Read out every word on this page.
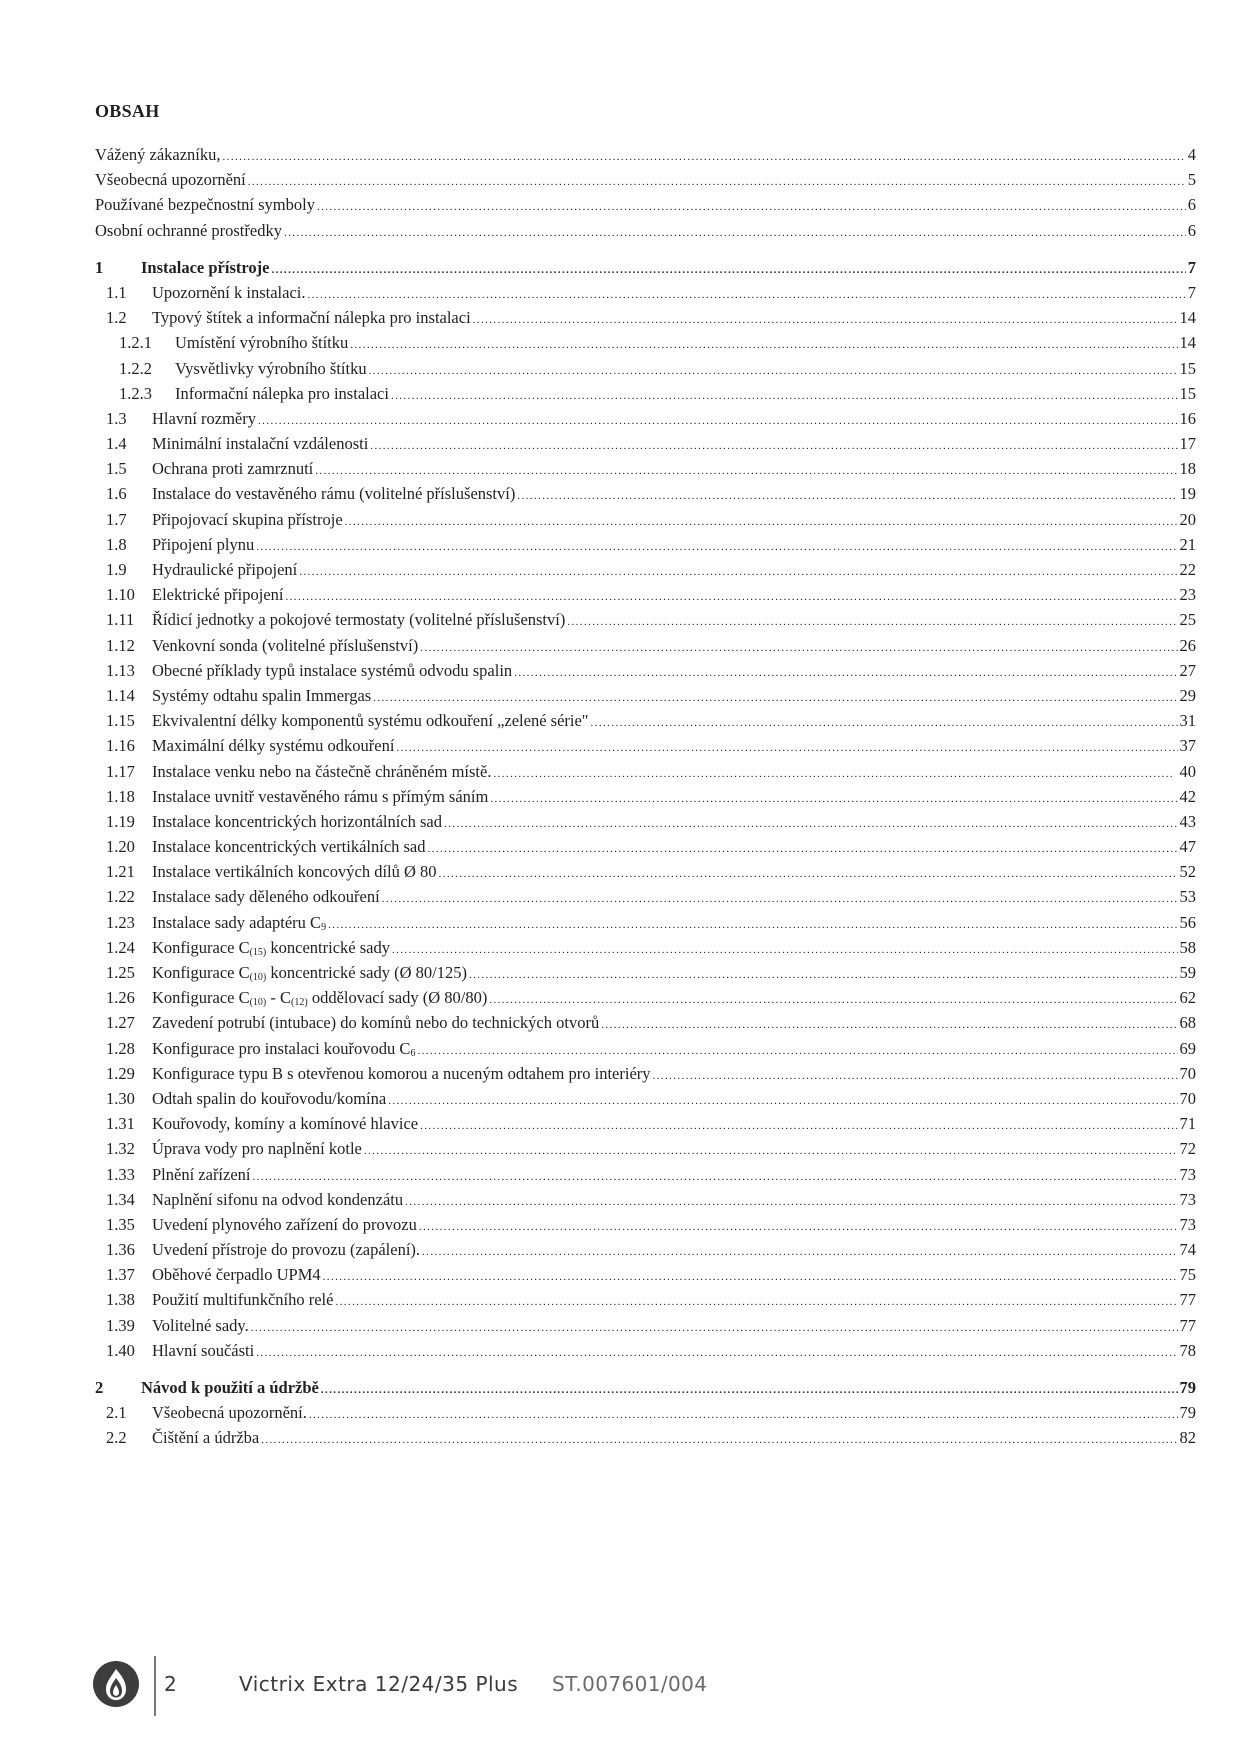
OBSAH
Vážený zákazníku, .....	4
Všeobecná upozornění .....	5
Používané bezpečnostní symboly .....	6
Osobní ochranné prostředky .....	6
1	Instalace přístroje .....	7
1.1	Upozornění k instalaci. .....	7
1.2	Typový štítek a informační nálepka pro instalaci .....	14
1.2.1	Umístění výrobního štítku .....	14
1.2.2	Vysvětlivky výrobního štítku .....	15
1.2.3	Informační nálepka pro instalaci .....	15
1.3	Hlavní rozměry .....	16
1.4	Minimální instalační vzdálenosti .....	17
1.5	Ochrana proti zamrznutí .....	18
1.6	Instalace do vestavěného rámu (volitelné příslušenství) .....	19
1.7	Připojovací skupina přístroje .....	20
1.8	Připojení plynu .....	21
1.9	Hydraulické připojení .....	22
1.10	Elektrické připojení .....	23
1.11	Řídicí jednotky a pokojové termostaty (volitelné příslušenství) .....	25
1.12	Venkovní sonda (volitelné příslušenství) .....	26
1.13	Obecné příklady typů instalace systémů odvodu spalin .....	27
1.14	Systémy odtahu spalin Immergas .....	29
1.15	Ekvivalentní délky komponentů systému odkouření „zelené série" .....	31
1.16	Maximální délky systému odkouření .....	37
1.17	Instalace venku nebo na částečně chráněném místě. .....	40
1.18	Instalace uvnitř vestavěného rámu s přímým sáním .....	42
1.19	Instalace koncentrických horizontálních sad .....	43
1.20	Instalace koncentrických vertikálních sad .....	47
1.21	Instalace vertikálních koncových dílů Ø 80 .....	52
1.22	Instalace sady děleného odkouření .....	53
1.23	Instalace sady adaptéru $C_9$ .....	56
1.24	Konfigurace $C_{(15)}$ koncentrické sady .....	58
1.25	Konfigurace $C_{(10)}$ koncentrické sady (Ø 80/125) .....	59
1.26	Konfigurace $C_{(10)} - C_{(12)}$ oddělovací sady (Ø 80/80) .....	62
1.27	Zavedení potrubí (intubace) do komínů nebo do technických otvorů .....	68
1.28	Konfigurace pro instalaci kouřovodu $C_6$ .....	69
1.29	Konfigurace typu B s otevřenou komorou a nuceným odtahem pro interiéry .....	70
1.30	Odtah spalin do kouřovodu/komína .....	70
1.31	Kouřovody, komíny a komínové hlavice .....	71
1.32	Úprava vody pro naplnění kotle .....	72
1.33	Plnění zařízení .....	73
1.34	Naplnění sifonu na odvod kondenzátu .....	73
1.35	Uvedení plynového zařízení do provozu .....	73
1.36	Uvedení přístroje do provozu (zapálení). .....	74
1.37	Oběhové čerpadlo UPM4 .....	75
1.38	Použití multifunkčního relé .....	77
1.39	Volitelné sady. .....	77
1.40	Hlavní součásti .....	78
2	Návod k použití a údržbě .....	79
2.1	Všeobecná upozornění. .....	79
2.2	Čištění a údržba .....	82
2	Victrix Extra 12/24/35 Plus ST.007601/004
